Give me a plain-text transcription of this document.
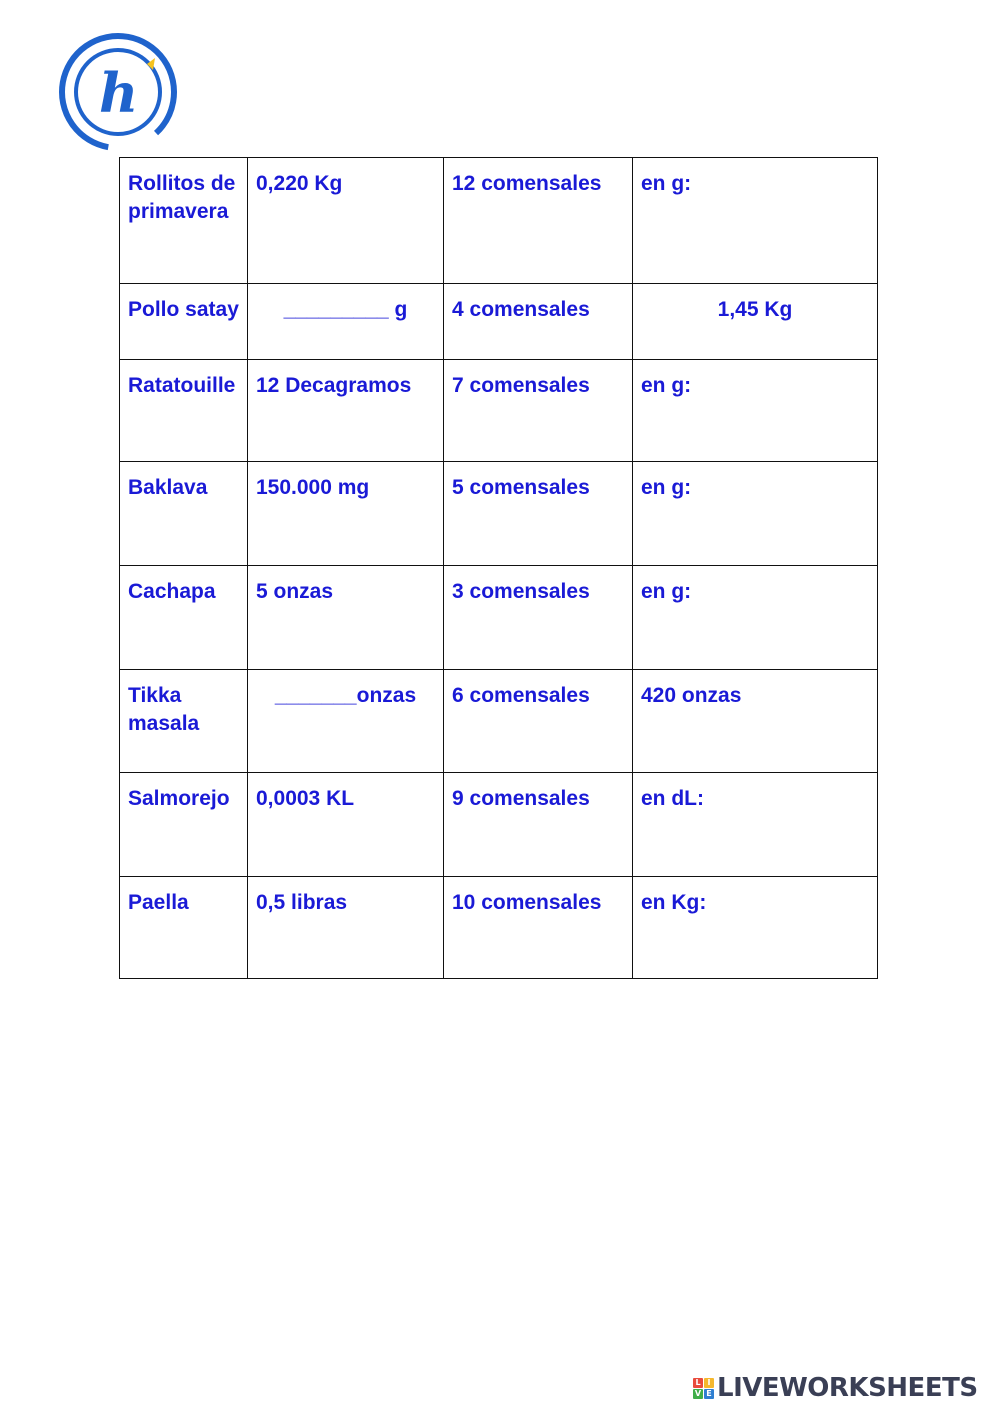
h
Rollitos de primavera	0,220 Kg	12 comensales	en g:
Pollo satay	_________ g	4 comensales	1,45 Kg
Ratatouille	12 Decagramos	7 comensales	en g:
Baklava	150.000 mg	5 comensales	en g:
Cachapa	5 onzas	3 comensales	en g:
Tikka masala	_______onzas	6 comensales	420 onzas
Salmorejo	0,0003 KL	9 comensales	en dL:
Paella	0,5 libras	10 comensales	en Kg:
L I
V E LIVEWORKSHEETS
